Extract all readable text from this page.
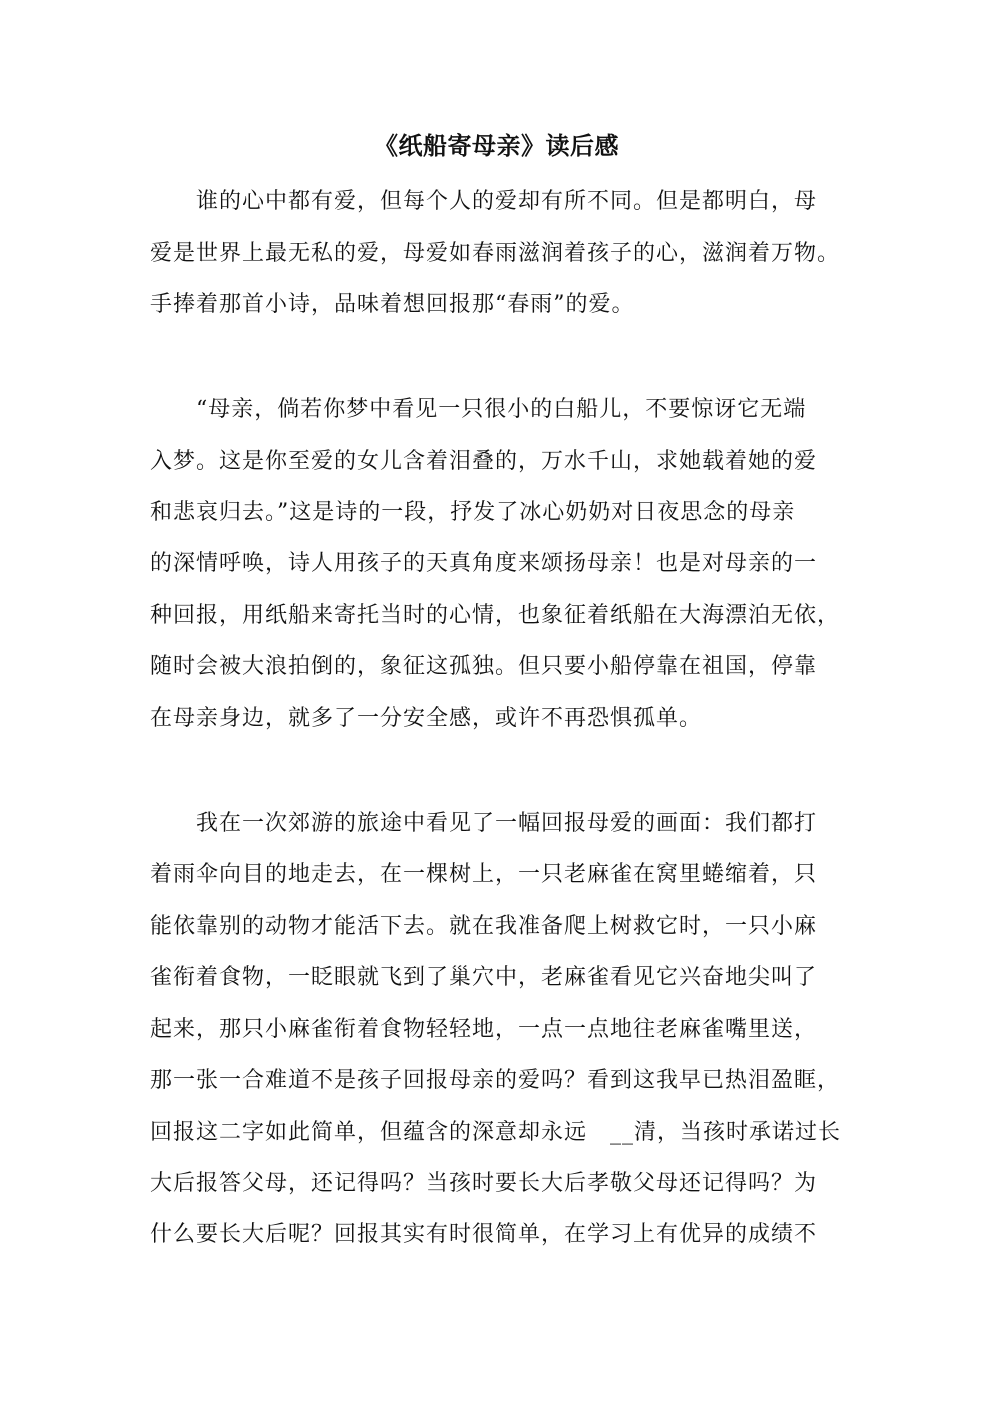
《纸船寄母亲》读后感
　　谁的心中都有爱，但每个人的爱却有所不同。但是都明白，母
爱是世界上最无私的爱，母爱如春雨滋润着孩子的心，滋润着万物。
手捧着那首小诗，品味着想回报那“春雨”的爱。
　　“母亲，倘若你梦中看见一只很小的白船儿，不要惊讶它无端
入梦。这是你至爱的女儿含着泪叠的，万水千山，求她载着她的爱
和悲哀归去。”这是诗的一段，抒发了冰心奶奶对日夜思念的母亲
的深情呼唤，诗人用孩子的天真角度来颂扬母亲！也是对母亲的一
种回报，用纸船来寄托当时的心情，也象征着纸船在大海漂泊无依，
随时会被大浪拍倒的，象征这孤独。但只要小船停靠在祖国，停靠
在母亲身边，就多了一分安全感，或许不再恐惧孤单。
　　我在一次郊游的旅途中看见了一幅回报母爱的画面：我们都打
着雨伞向目的地走去，在一棵树上，一只老麻雀在窝里蜷缩着，只
能依靠别的动物才能活下去。就在我准备爬上树救它时，一只小麻
雀衔着食物，一眨眼就飞到了巢穴中，老麻雀看见它兴奋地尖叫了
起来，那只小麻雀衔着食物轻轻地，一点一点地往老麻雀嘴里送，
那一张一合难道不是孩子回报母亲的爱吗？看到这我早已热泪盈眶，
回报这二字如此简单，但蕴含的深意却永远　__清，当孩时承诺过长
大后报答父母，还记得吗？当孩时要长大后孝敬父母还记得吗？为
什么要长大后呢？回报其实有时很简单，在学习上有优异的成绩不
